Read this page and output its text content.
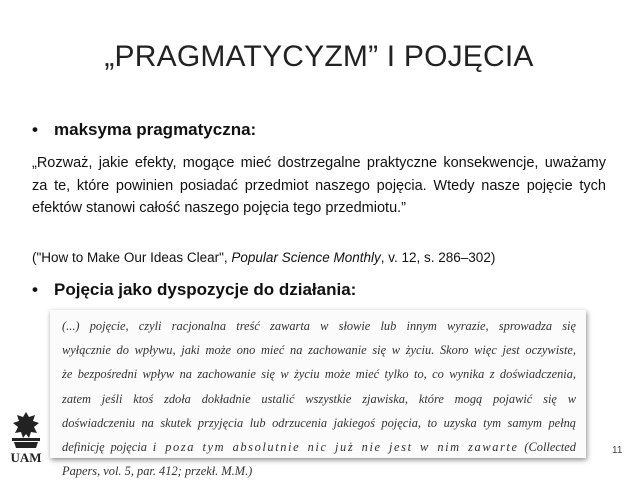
„PRAGMATYCYZM” I POJĘCIA
• maksyma pragmatyczna:
„Rozważ, jakie efekty, mogące mieć dostrzegalne praktyczne konsekwencje, uważamy za te, które powinien posiadać przedmiot naszego pojęcia. Wtedy nasze pojęcie tych efektów stanowi całość naszego pojęcia tego przedmiotu.”
("How to Make Our Ideas Clear", Popular Science Monthly, v. 12, s. 286–302)
• Pojęcia jako dyspozycje do działania:
(...) pojęcie, czyli racjonalna treść zawarta w słowie lub innym wyrazie, sprowadza się
wyłącznie do wpływu, jaki może ono mieć na zachowanie się w życiu. Skoro więc jest oczywiste,
że bezpośredni wpływ na zachowanie się w życiu może mieć tylko to, co wynika z doświadczenia,
zatem jeśli ktoś zdoła dokładnie ustalić wszystkie zjawiska, które mogą pojawić się w
doświadczeniu na skutek przyjęcia lub odrzucenia jakiegoś pojęcia, to uzyska tym samym pełną
definicję pojęcia i poza tym absolutnie nic już nie jest w nim zawarte (Collected
Papers, vol. 5, par. 412; przekł. M.M.)
UAM	11
